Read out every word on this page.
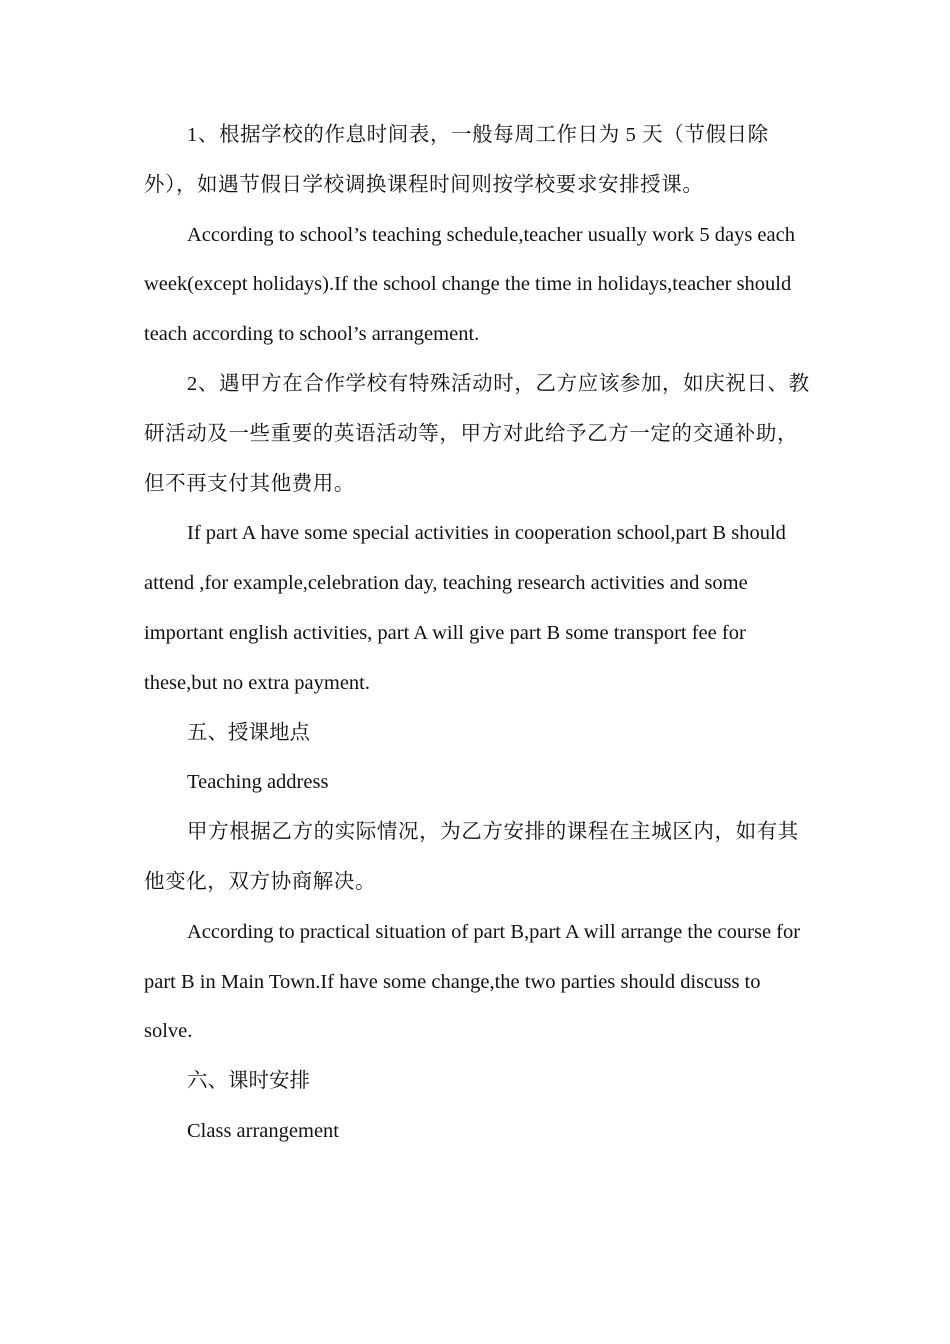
1、根据学校的作息时间表，一般每周工作日为 5 天（节假日除外），如遇节假日学校调换课程时间则按学校要求安排授课。

According to school’s teaching schedule,teacher usually work 5 days each week(except holidays).If the school change the time in holidays,teacher should teach according to school’s arrangement.

2、遇甲方在合作学校有特殊活动时，乙方应该参加，如庆祝日、教研活动及一些重要的英语活动等，甲方对此给予乙方一定的交通补助，但不再支付其他费用。

If part A have some special activities in cooperation school,part B should attend ,for example,celebration day, teaching research activities and some important english activities, part A will give part B some transport fee for these,but no extra payment.

五、授课地点

Teaching address

甲方根据乙方的实际情况，为乙方安排的课程在主城区内，如有其他变化，双方协商解决。

According to practical situation of part B,part A will arrange the course for part B in Main Town.If have some change,the two parties should discuss to solve.

六、课时安排

Class arrangement
